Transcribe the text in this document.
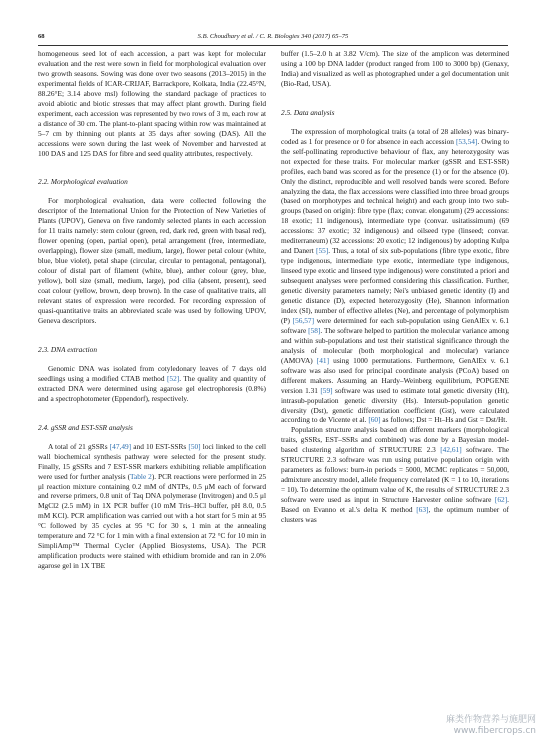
68	S.B. Choudhary et al. / C. R. Biologies 340 (2017) 65–75

homogeneous seed lot of each accession, a part was kept for molecular evaluation and the rest were sown in field for morphological evaluation over two growth seasons. Sowing was done over two seasons (2013–2015) in the experimental fields of ICAR-CRIJAF, Barrackpore, Kolkata, India (22.45°N, 88.26°E; 3.14 above msl) following the standard package of practices to avoid abiotic and biotic stresses that may affect plant growth. During field experiment, each accession was represented by two rows of 3 m, each row at a distance of 30 cm. The plant-to-plant spacing within row was maintained at 5–7 cm by thinning out plants at 35 days after sowing (DAS). All the accessions were sown during the last week of November and harvested at 100 DAS and 125 DAS for fibre and seed quality attributes, respectively.

2.2. Morphological evaluation

For morphological evaluation, data were collected following the descriptor of the International Union for the Protection of New Varieties of Plants (UPOV), Geneva on five randomly selected plants in each accession for 11 traits namely: stem colour (green, red, dark red, green with basal red), flower opening (open, partial open), petal arrangement (free, intermediate, overlapping), flower size (small, medium, large), flower petal colour (white, blue, blue violet), petal shape (circular, circular to pentagonal, pentagonal), colour of distal part of filament (white, blue), anther colour (grey, blue, yellow), boll size (small, medium, large), pod cilia (absent, present), seed coat colour (yellow, brown, deep brown). In the case of qualitative traits, all relevant states of expression were recorded. For recording expression of quasi-quantitative traits an abbreviated scale was used by following UPOV, Geneva descriptors.

2.3. DNA extraction

Genomic DNA was isolated from cotyledonary leaves of 7 days old seedlings using a modified CTAB method [52]. The quality and quantity of extracted DNA were determined using agarose gel electrophoresis (0.8%) and a spectrophotometer (Eppendorf), respectively.

2.4. gSSR and EST-SSR analysis

A total of 21 gSSRs [47,49] and 10 EST-SSRs [50] loci linked to the cell wall biochemical synthesis pathway were selected for the present study. Finally, 15 gSSRs and 7 EST-SSR markers exhibiting reliable amplification were used for further analysis (Table 2). PCR reactions were performed in 25 μl reaction mixture containing 0.2 mM of dNTPs, 0.5 μM each of forward and reverse primers, 0.8 unit of Taq DNA polymerase (Invitrogen) and 0.5 μl MgCl2 (2.5 mM) in 1X PCR buffer (10 mM Tris–HCl buffer, pH 8.0, 0.5 mM KCl). PCR amplification was carried out with a hot start for 5 min at 95 °C followed by 35 cycles at 95 °C for 30 s, 1 min at the annealing temperature and 72 °C for 1 min with a final extension at 72 °C for 10 min in SimpliAmp™ Thermal Cycler (Applied Biosystems, USA). The PCR amplification products were stained with ethidium bromide and ran in 2.0% agarose gel in 1X TBE

buffer (1.5–2.0 h at 3.82 V/cm). The size of the amplicon was determined using a 100 bp DNA ladder (product ranged from 100 to 3000 bp) (Genaxy, India) and visualized as well as photographed under a gel documentation unit (Bio-Rad, USA).

2.5. Data analysis

The expression of morphological traits (a total of 28 alleles) was binary-coded as 1 for presence or 0 for absence in each accession [53,54]. Owing to the self-pollinating reproductive behaviour of flax, any heterozygosity was not expected for these traits. For molecular marker (gSSR and EST-SSR) profiles, each band was scored as for the presence (1) or for the absence (0). Only the distinct, reproducible and well resolved bands were scored. Before analyzing the data, the flax accessions were classified into three broad groups (based on morphotypes and technical height) and each group into two sub-groups (based on origin): fibre type (flax; convar. elongatum) (29 accessions: 18 exotic; 11 indigenous), intermediate type (convar. usitatissimum) (69 accessions: 37 exotic; 32 indigenous) and oilseed type (linseed; convar. mediterraneum) (32 accessions: 20 exotic; 12 indigenous) by adopting Kulpa and Danert [55]. Thus, a total of six sub-populations (fibre type exotic, fibre type indigenous, intermediate type exotic, intermediate type indigenous, linseed type exotic and linseed type indigenous) were constituted a priori and subsequent analyses were performed considering this classification. Further, genetic diversity parameters namely; Nei's unbiased genetic identity (I) and genetic distance (D), expected heterozygosity (He), Shannon information index (SI), number of effective alleles (Ne), and percentage of polymorphism (P) [56,57] were determined for each sub-population using GenAlEx v. 6.1 software [58]. The software helped to partition the molecular variance among and within sub-populations and test their statistical significance through the analysis of molecular (both morphological and molecular) variance (AMOVA) [41] using 1000 permutations. Furthermore, GenAlEx v. 6.1 software was also used for principal coordinate analysis (PCoA) based on different makers. Assuming an Hardy–Weinberg equilibrium, POPGENE version 1.31 [59] software was used to estimate total genetic diversity (Ht), intrasub-population genetic diversity (Hs). Intersub-population genetic diversity (Dst), genetic differentiation coefficient (Gst), were calculated according to de Vicente et al. [60] as follows; Dst = Ht–Hs and Gst = Dst/Ht.

Population structure analysis based on different markers (morphological traits, gSSRs, EST–SSRs and combined) was done by a Bayesian model-based clustering algorithm of STRUCTURE 2.3 [42,61] software. The STRUCTURE 2.3 software was run using putative population origin with parameters as follows: burn-in periods = 5000, MCMC replicates = 50,000, admixture ancestry model, allele frequency correlated (K = 1 to 10, iterations = 10). To determine the optimum value of K, the results of STRUCTURE 2.3 software were used as input in Structure Harvester online software [62]. Based on Evanno et al.'s delta K method [63], the optimum number of clusters was

麻类作物营养与施肥网
www.fibercrops.cn
